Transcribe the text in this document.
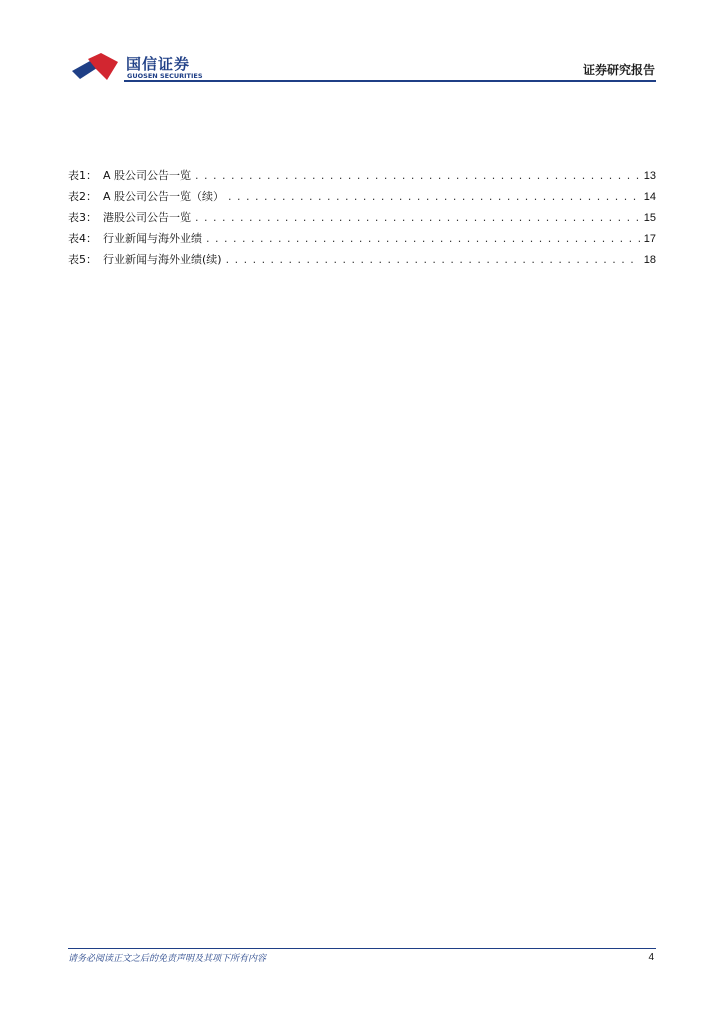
国信证券
GUOSEN SECURITIES	证券研究报告
表1： A 股公司公告一览 . . .	13
表2： A 股公司公告一览（续） . . .	14
表3： 港股公司公告一览 . . .	15
表4： 行业新闻与海外业绩 . . .	17
表5： 行业新闻与海外业绩(续) . . .	18
请务必阅读正文之后的免责声明及其项下所有内容	4
